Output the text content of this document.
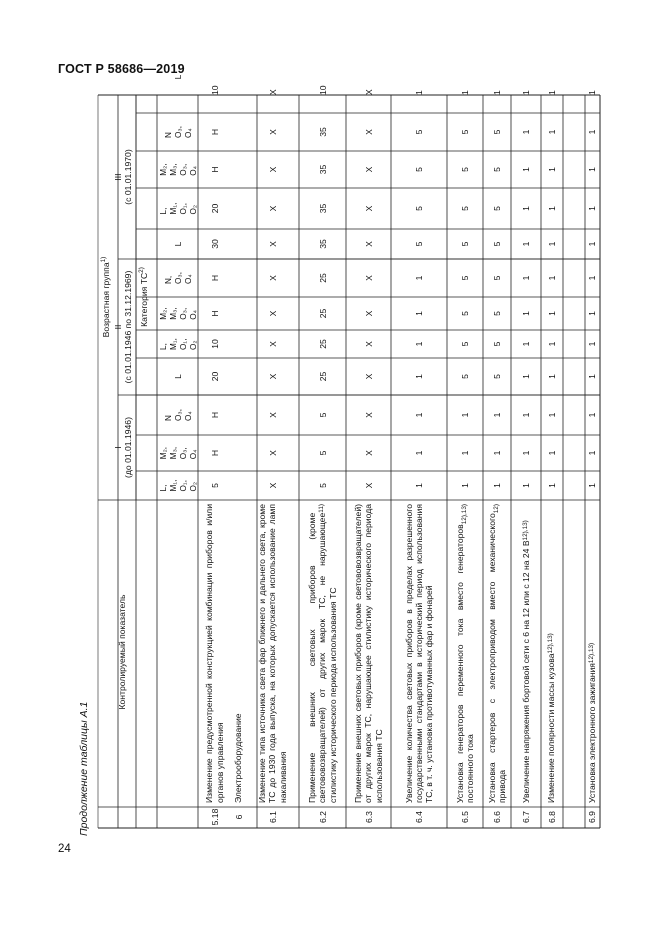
ГОСТ Р 58686—2019
Продолжение таблицы А.1
24
Контролируемый показатель
Возрастная группа$^{1)}$
Категория ТС$^{2)}$
I (до 01.01.1946)
II (с 01.01.1946 по 31.12.1969)
III (с 01.01.1970)
L
L, M₁, O₁, O₂
M₂, M₃, O₃, O₄
N O₃, O₄
L
L, M₁, O₁, O₂
M₂, M₃, O₃, O₄
N, O₃, O₄
L
L, M₁, O₁, O₂
M₂, M₃, O₃, O₄
N O₃, O₄
5.18
Изменение предусмотренной конструкцией комбинации приборов и/или органов управления
10
5
Н
Н
20
10
Н
Н
30
20
Н
Н
6
Электрооборудование
6.1
Изменение типа источника света фар ближнего и дальнего света, кроме ТС до 1930 года выпуска, на которых допускается использование ламп накаливания
X
X
X
X
X
X
X
X
X
X
X
X
6.2
Применение внешних световых приборов (кроме светововозвращателей) от других марок ТС, не нарушающее стилистику исторического периода использования ТС
11)
10
5
5
5
25
25
25
25
35
35
35
35
6.3
Применение внешних световых приборов (кроме светововозвращателей) от других марок ТС, нарушающее стилистику исторического периода использования ТС
X
X
X
X
X
X
X
X
X
X
X
X
6.4
Увеличение количества световых приборов в пределах разрешенного государственными стандартами в исторический период использования ТС, в т. ч. установка противотуманных фар и фонарей
1
1
1
1
1
1
1
1
5
5
5
5
6.5
Установка генераторов переменного тока вместо генераторов постоянного тока
12),13)
1
1
1
1
5
5
5
5
5
5
5
5
6.6
Установка стартеров с электроприводом вместо механического привода
12)
1
1
1
1
5
5
5
5
5
5
5
5
6.7
Увеличение напряжения бортовой сети с 6 на 12 или с 12 на 24 В
12),13)
1
1
1
1
1
1
1
1
1
1
1
1
6.8
Изменение полярности массы кузова
12),13)
1
1
1
1
1
1
1
1
1
1
1
1
6.9
Установка электронного зажигания
12),13)
1
1
1
1
1
1
1
1
1
1
1
1
